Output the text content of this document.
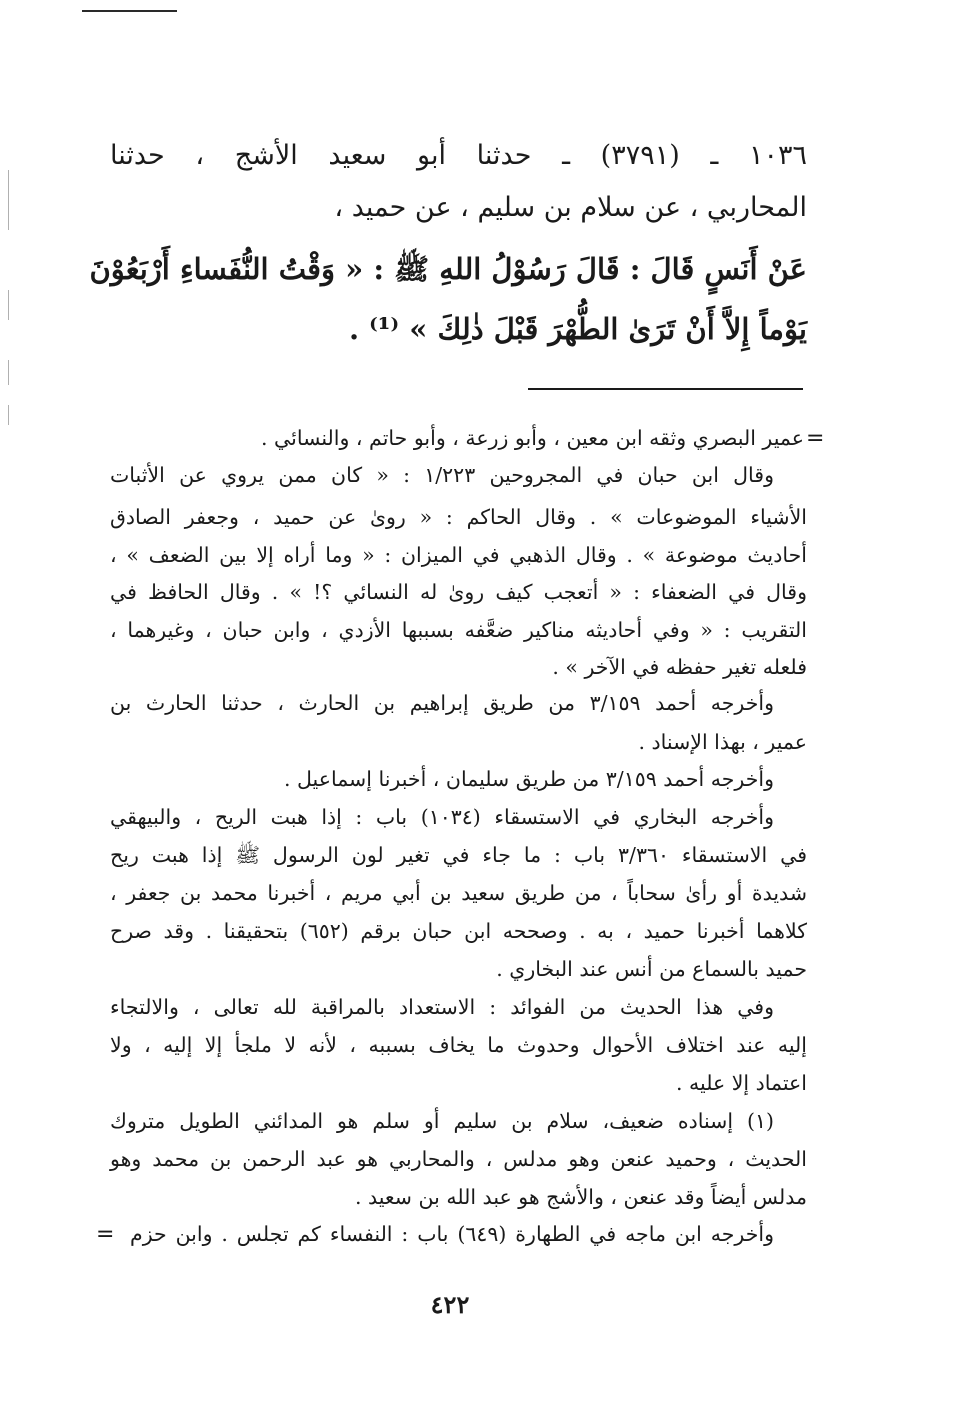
١٠٣٦ ـ (٣٧٩١) ـ حدثنا أبو سعيد الأشج ، حدثنا
المحاربي ، عن سلام بن سليم ، عن حميد ،
عَنْ أَنَسٍ قَالَ : قَالَ رَسُوْلُ اللهِ ﷺ : « وَقْتُ النُّفَساءِ أَرْبَعُوْنَ
يَوْماً إِلاَّ أَنْ تَرَىٰ الطُّهْرَ قَبْلَ ذٰلِكَ » ⁽¹⁾ .
=
عمير البصري وثقه ابن معين ، وأبو زرعة ، وأبو حاتم ، والنسائي .
وقال ابن حبان في المجروحين ١/٢٢٣ : « كان ممن يروي عن الأثبات
الأشياء الموضوعات » . وقال الحاكم : « روىٰ عن حميد ، وجعفر الصادق
أحاديث موضوعة » . وقال الذهبي في الميزان : « وما أراه إلا بين الضعف » ،
وقال في الضعفاء : « أتعجب كيف روىٰ له النسائي ؟! » . وقال الحافظ في
التقريب : « وفي أحاديثه مناكير ضعَّفه بسببها الأزدي ، وابن حبان ، وغيرهما ،
فلعله تغير حفظه في الآخر » .
وأخرجه أحمد ٣/١٥٩ من طريق إبراهيم بن الحارث ، حدثنا الحارث بن
عمير ، بهذا الإسناد .
وأخرجه أحمد ٣/١٥٩ من طريق سليمان ، أخبرنا إسماعيل .
وأخرجه البخاري في الاستسقاء (١٠٣٤) باب : إذا هبت الريح ، والبيهقي
في الاستسقاء ٣/٣٦٠ باب : ما جاء في تغير لون الرسول ﷺ إذا هبت ريح
شديدة أو رأىٰ سحاباً ، من طريق سعيد بن أبي مريم ، أخبرنا محمد بن جعفر ،
كلاهما أخبرنا حميد ، به . وصححه ابن حبان برقم (٦٥٢) بتحقيقنا . وقد صرح
حميد بالسماع من أنس عند البخاري .
وفي هذا الحديث من الفوائد : الاستعداد بالمراقبة لله تعالى ، والالتجاء
إليه عند اختلاف الأحوال وحدوث ما يخاف بسببه ، لأنه لا ملجأ إلا إليه ، ولا
اعتماد إلا عليه .
(١) إسناده ضعيف، سلام بن سليم أو سلم هو المدائني الطويل متروك
الحديث ، وحميد عنعن وهو مدلس ، والمحاربي هو عبد الرحمن بن محمد وهو
مدلس أيضاً وقد عنعن ، والأشج هو عبد الله بن سعيد .
وأخرجه ابن ماجه في الطهارة (٦٤٩) باب : النفساء كم تجلس . وابن حزم
=
٤٢٢
